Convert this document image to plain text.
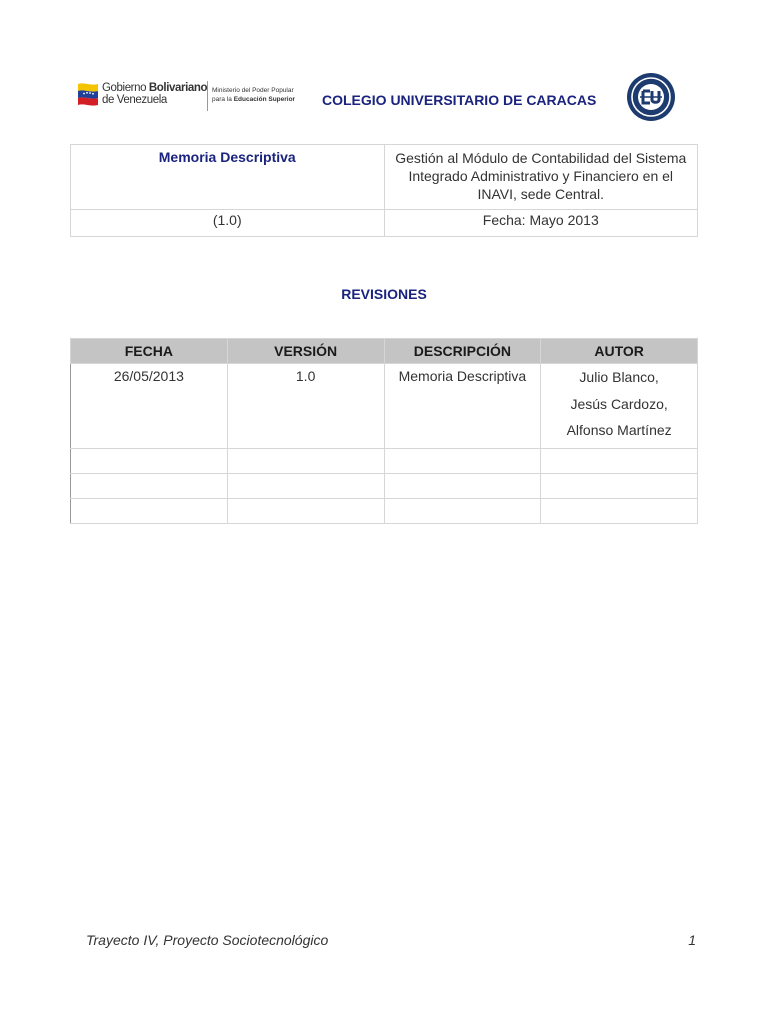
Gobierno Bolivariano
de Venezuela
Ministerio del Poder Popular
para la Educación Superior COLEGIO UNIVERSITARIO DE CARACAS
Memoria Descriptiva	Gestión al Módulo de Contabilidad del Sistema Integrado Administrativo y Financiero en el INAVI, sede Central.

(1.0)	Fecha: Mayo 2013
REVISIONES
FECHA	VERSIÓN	DESCRIPCIÓN	AUTOR
26/05/2013	1.0	Memoria Descriptiva	Julio Blanco,
Jesús Cardozo,
Alfonso Martínez

Trayecto IV, Proyecto Sociotecnológico	1
